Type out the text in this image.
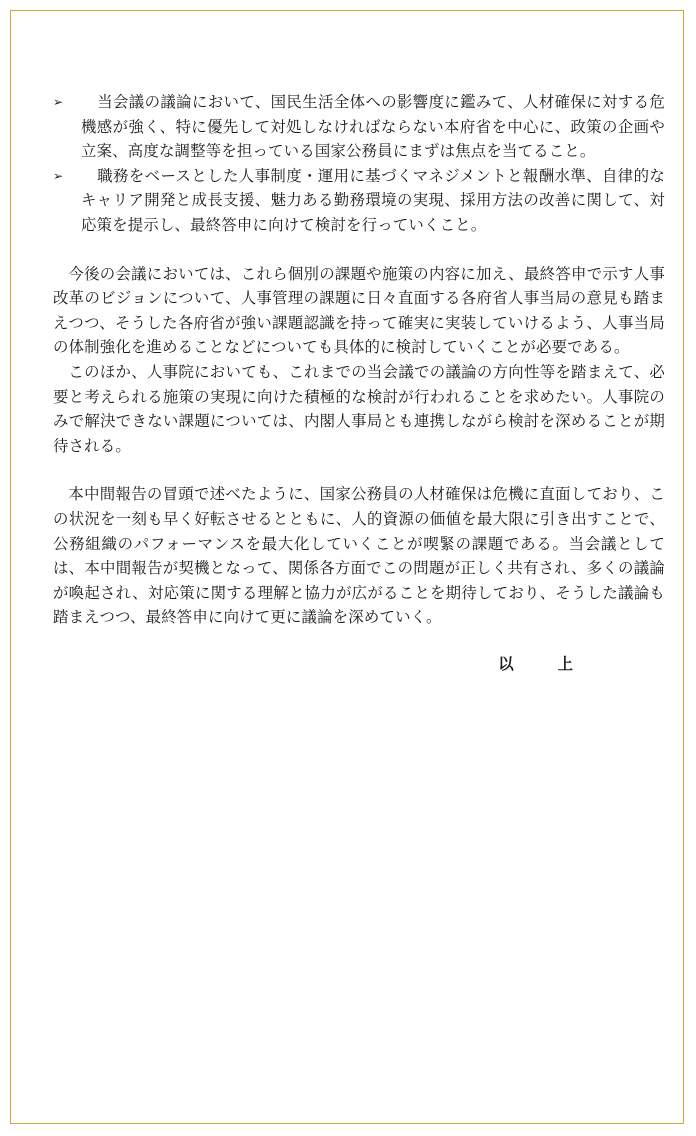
➢	当会議の議論において、国民生活全体への影響度に鑑みて、人材確保に対する危機感が強く、特に優先して対処しなければならない本府省を中心に、政策の企画や立案、高度な調整等を担っている国家公務員にまずは焦点を当てること。
➢	職務をベースとした人事制度・運用に基づくマネジメントと報酬水準、自律的なキャリア開発と成長支援、魅力ある勤務環境の実現、採用方法の改善に関して、対応策を提示し、最終答申に向けて検討を行っていくこと。

今後の会議においては、これら個別の課題や施策の内容に加え、最終答申で示す人事改革のビジョンについて、人事管理の課題に日々直面する各府省人事当局の意見も踏まえつつ、そうした各府省が強い課題認識を持って確実に実装していけるよう、人事当局の体制強化を進めることなどについても具体的に検討していくことが必要である。

このほか、人事院においても、これまでの当会議での議論の方向性等を踏まえて、必要と考えられる施策の実現に向けた積極的な検討が行われることを求めたい。人事院のみで解決できない課題については、内閣人事局とも連携しながら検討を深めることが期待される。

本中間報告の冒頭で述べたように、国家公務員の人材確保は危機に直面しており、この状況を一刻も早く好転させるとともに、人的資源の価値を最大限に引き出すことで、公務組織のパフォーマンスを最大化していくことが喫緊の課題である。当会議としては、本中間報告が契機となって、関係各方面でこの問題が正しく共有され、多くの議論が喚起され、対応策に関する理解と協力が広がることを期待しており、そうした議論も踏まえつつ、最終答申に向けて更に議論を深めていく。

以上
